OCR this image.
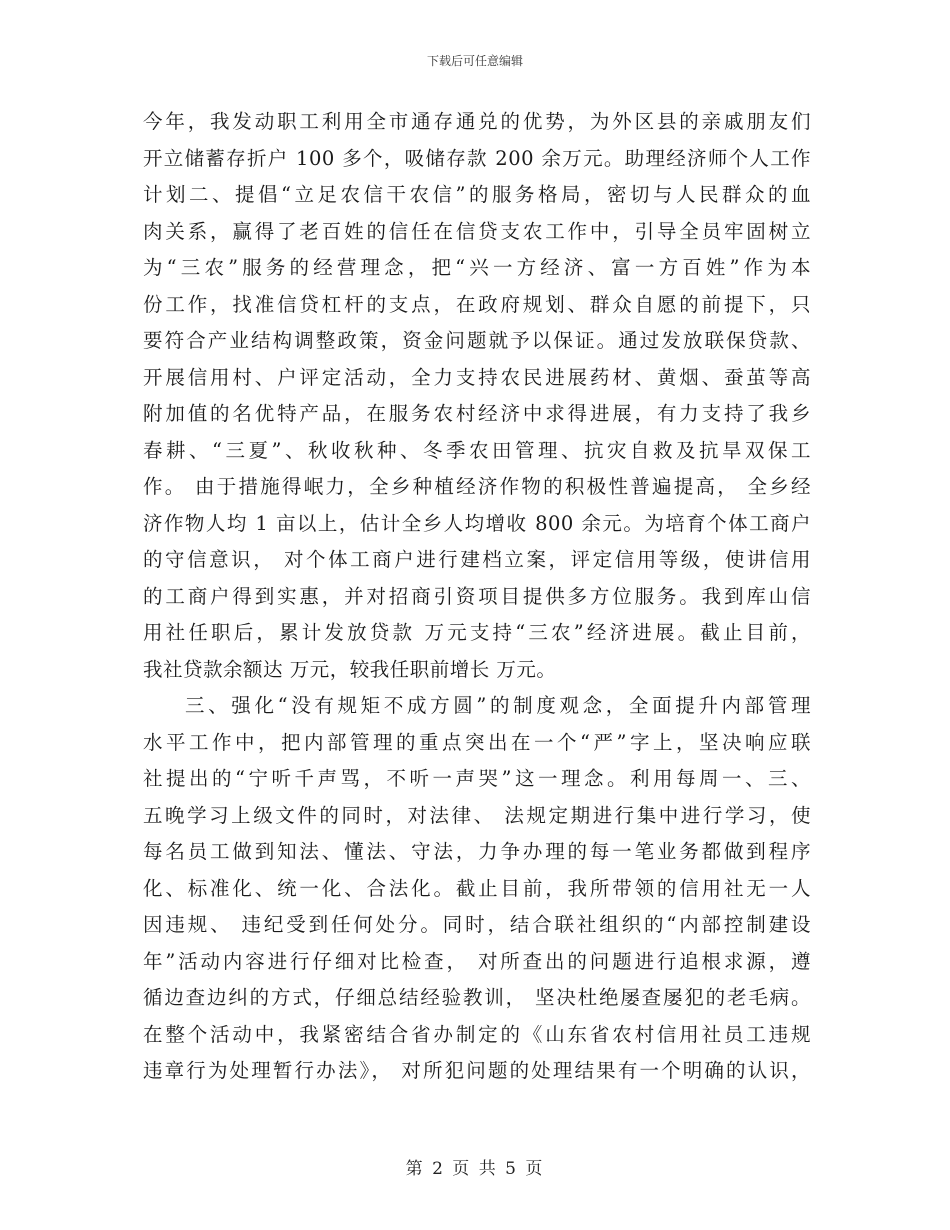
下载后可任意编辑
今年，我发动职工利用全市通存通兑的优势，为外区县的亲戚朋友们
开立储蓄存折户 100 多个，吸储存款 200 余万元。助理经济师个人工作
计划二、提倡“立足农信干农信”的服务格局，密切与人民群众的血
肉关系，赢得了老百姓的信任在信贷支农工作中，引导全员牢固树立
为“三农”服务的经营理念，把“兴一方经济、富一方百姓”作为本
份工作，找准信贷杠杆的支点，在政府规划、群众自愿的前提下，只
要符合产业结构调整政策，资金问题就予以保证。通过发放联保贷款、
开展信用村、户评定活动，全力支持农民进展药材、黄烟、蚕茧等高
附加值的名优特产品，在服务农村经济中求得进展，有力支持了我乡
春耕、“三夏”、秋收秋种、冬季农田管理、抗灾自救及抗旱双保工
作。 由于措施得岷力，全乡种植经济作物的积极性普遍提高， 全乡经
济作物人均 1 亩以上，估计全乡人均增收 800 余元。为培育个体工商户
的守信意识， 对个体工商户进行建档立案，评定信用等级，使讲信用
的工商户得到实惠，并对招商引资项目提供多方位服务。我到库山信
用社任职后，累计发放贷款 万元支持“三农”经济进展。截止目前，
我社贷款余额达 万元，较我任职前增长 万元。
三、强化“没有规矩不成方圆”的制度观念，全面提升内部管理
水平工作中，把内部管理的重点突出在一个“严”字上，坚决响应联
社提出的“宁听千声骂，不听一声哭”这一理念。利用每周一、三、
五晚学习上级文件的同时，对法律、 法规定期进行集中进行学习，使
每名员工做到知法、懂法、守法，力争办理的每一笔业务都做到程序
化、标准化、统一化、合法化。截止目前，我所带领的信用社无一人
因违规、 违纪受到任何处分。同时，结合联社组织的“内部控制建设
年”活动内容进行仔细对比检查， 对所查出的问题进行追根求源，遵
循边查边纠的方式，仔细总结经验教训， 坚决杜绝屡查屡犯的老毛病。
在整个活动中，我紧密结合省办制定的《山东省农村信用社员工违规
违章行为处理暂行办法》， 对所犯问题的处理结果有一个明确的认识，
第 2 页 共 5 页
